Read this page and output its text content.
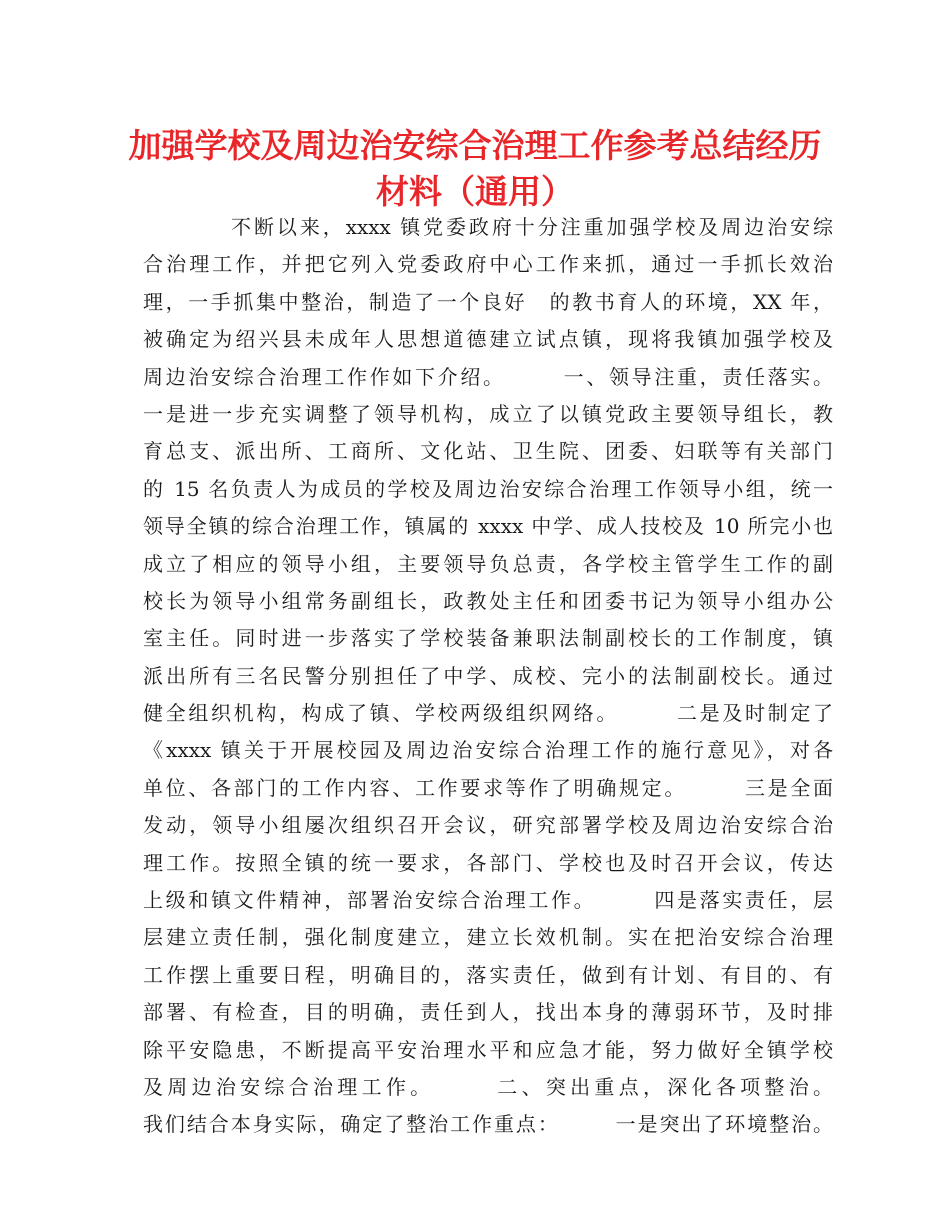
加强学校及周边治安综合治理工作参考总结经历
材料（通用）
不断以来，xxxx 镇党委政府十分注重加强学校及周边治安综
合治理工作，并把它列入党委政府中心工作来抓，通过一手抓长效治
理，一手抓集中整治，制造了一个良好　的教书育人的环境，XX 年，
被确定为绍兴县未成年人思想道德建立试点镇，现将我镇加强学校及
周边治安综合治理工作作如下介绍。　　　一、领导注重，责任落实。
一是进一步充实调整了领导机构，成立了以镇党政主要领导组长，教
育总支、派出所、工商所、文化站、卫生院、团委、妇联等有关部门
的 15 名负责人为成员的学校及周边治安综合治理工作领导小组，统一
领导全镇的综合治理工作，镇属的 xxxx 中学、成人技校及 10 所完小也
成立了相应的领导小组，主要领导负总责，各学校主管学生工作的副
校长为领导小组常务副组长，政教处主任和团委书记为领导小组办公
室主任。同时进一步落实了学校装备兼职法制副校长的工作制度，镇
派出所有三名民警分别担任了中学、成校、完小的法制副校长。通过
健全组织机构，构成了镇、学校两级组织网络。　　　二是及时制定了
《xxxx 镇关于开展校园及周边治安综合治理工作的施行意见》，对各
单位、各部门的工作内容、工作要求等作了明确规定。　　　三是全面
发动，领导小组屡次组织召开会议，研究部署学校及周边治安综合治
理工作。按照全镇的统一要求，各部门、学校也及时召开会议，传达
上级和镇文件精神，部署治安综合治理工作。　　　四是落实责任，层
层建立责任制，强化制度建立，建立长效机制。实在把治安综合治理
工作摆上重要日程，明确目的，落实责任，做到有计划、有目的、有
部署、有检查，目的明确，责任到人，找出本身的薄弱环节，及时排
除平安隐患，不断提高平安治理水平和应急才能，努力做好全镇学校
及周边治安综合治理工作。　　　二、突出重点，深化各项整治。
我们结合本身实际，确定了整治工作重点：　　　一是突出了环境整治。
